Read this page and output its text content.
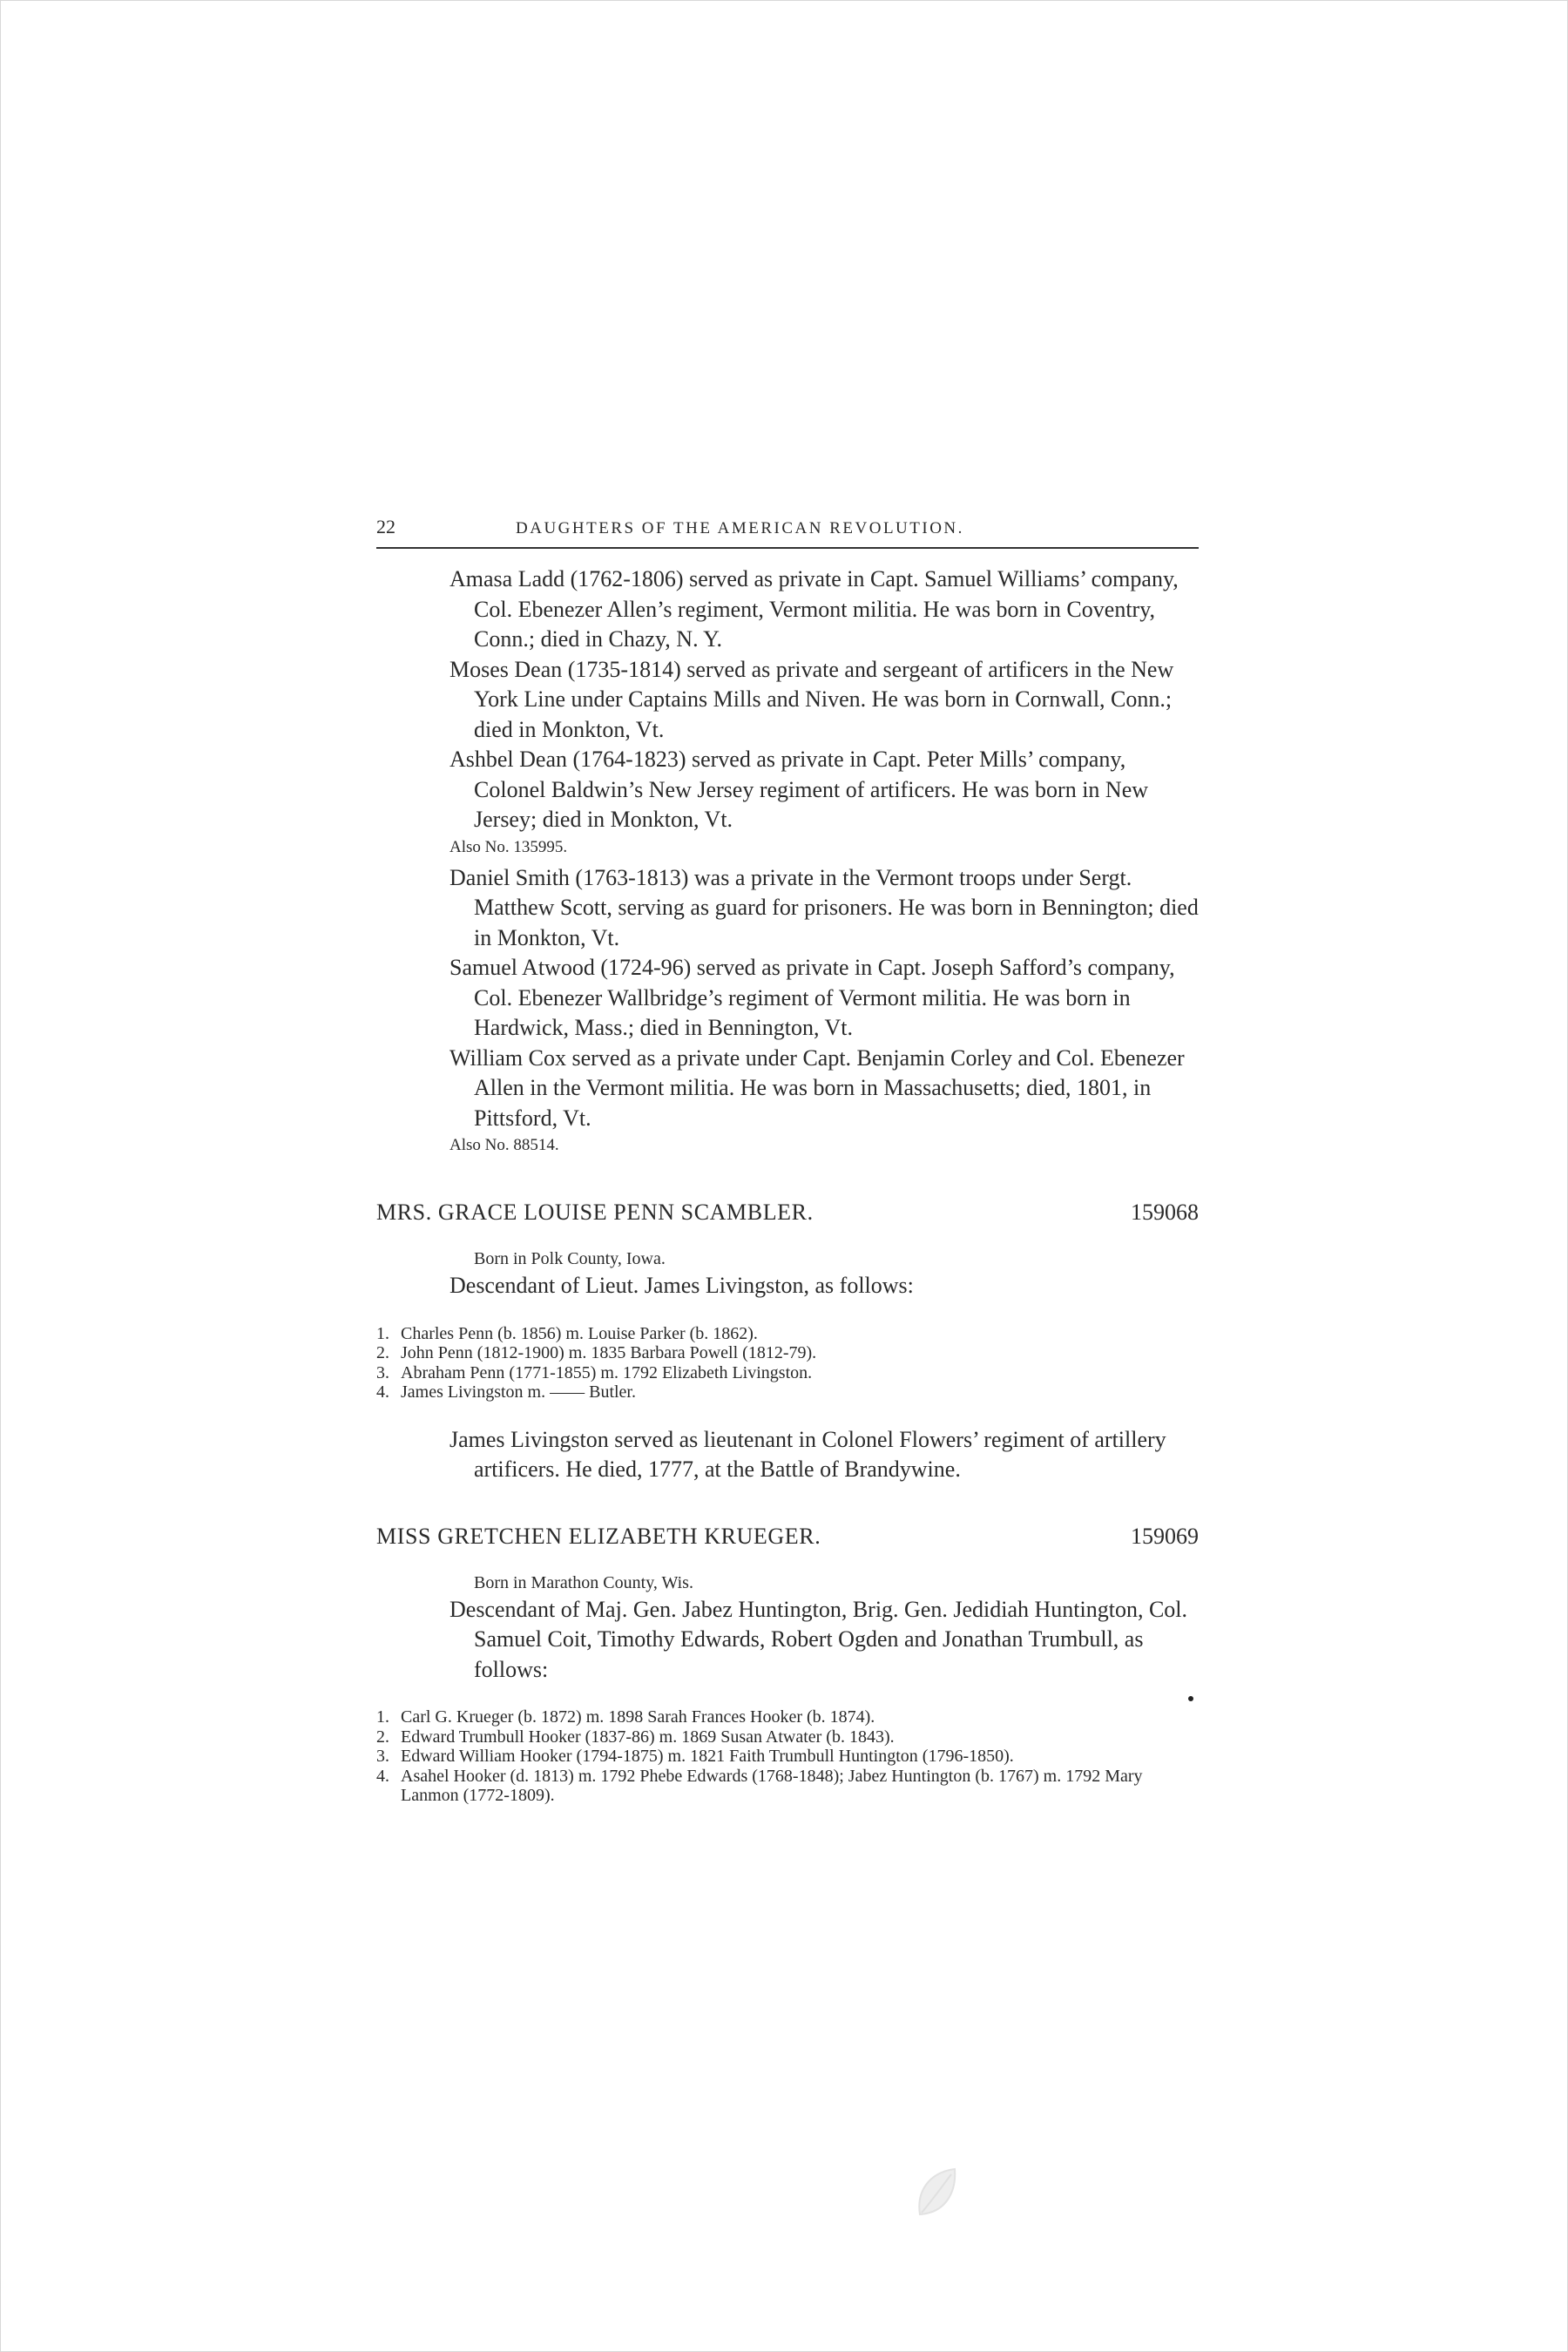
22	DAUGHTERS OF THE AMERICAN REVOLUTION.
Amasa Ladd (1762-1806) served as private in Capt. Samuel Williams’ company, Col. Ebenezer Allen’s regiment, Vermont militia. He was born in Coventry, Conn.; died in Chazy, N. Y.
Moses Dean (1735-1814) served as private and sergeant of artificers in the New York Line under Captains Mills and Niven. He was born in Cornwall, Conn.; died in Monkton, Vt.
Ashbel Dean (1764-1823) served as private in Capt. Peter Mills’ company, Colonel Baldwin’s New Jersey regiment of artificers. He was born in New Jersey; died in Monkton, Vt.
Also No. 135995.
Daniel Smith (1763-1813) was a private in the Vermont troops under Sergt. Matthew Scott, serving as guard for prisoners. He was born in Bennington; died in Monkton, Vt.
Samuel Atwood (1724-96) served as private in Capt. Joseph Safford’s company, Col. Ebenezer Wallbridge’s regiment of Vermont militia. He was born in Hardwick, Mass.; died in Bennington, Vt.
William Cox served as a private under Capt. Benjamin Corley and Col. Ebenezer Allen in the Vermont militia. He was born in Massachusetts; died, 1801, in Pittsford, Vt.
Also No. 88514.
MRS. GRACE LOUISE PENN SCAMBLER.	159068
Born in Polk County, Iowa.
Descendant of Lieut. James Livingston, as follows:
1. Charles Penn (b. 1856) m. Louise Parker (b. 1862).
2. John Penn (1812-1900) m. 1835 Barbara Powell (1812-79).
3. Abraham Penn (1771-1855) m. 1792 Elizabeth Livingston.
4. James Livingston m. —— Butler.
James Livingston served as lieutenant in Colonel Flowers’ regiment of artillery artificers. He died, 1777, at the Battle of Brandywine.
MISS GRETCHEN ELIZABETH KRUEGER.	159069
Born in Marathon County, Wis.
Descendant of Maj. Gen. Jabez Huntington, Brig. Gen. Jedidiah Huntington, Col. Samuel Coit, Timothy Edwards, Robert Ogden and Jonathan Trumbull, as follows:
1. Carl G. Krueger (b. 1872) m. 1898 Sarah Frances Hooker (b. 1874).
2. Edward Trumbull Hooker (1837-86) m. 1869 Susan Atwater (b. 1843).
3. Edward William Hooker (1794-1875) m. 1821 Faith Trumbull Huntington (1796-1850).
4. Asahel Hooker (d. 1813) m. 1792 Phebe Edwards (1768-1848); Jabez Huntington (b. 1767) m. 1792 Mary Lanmon (1772-1809).
